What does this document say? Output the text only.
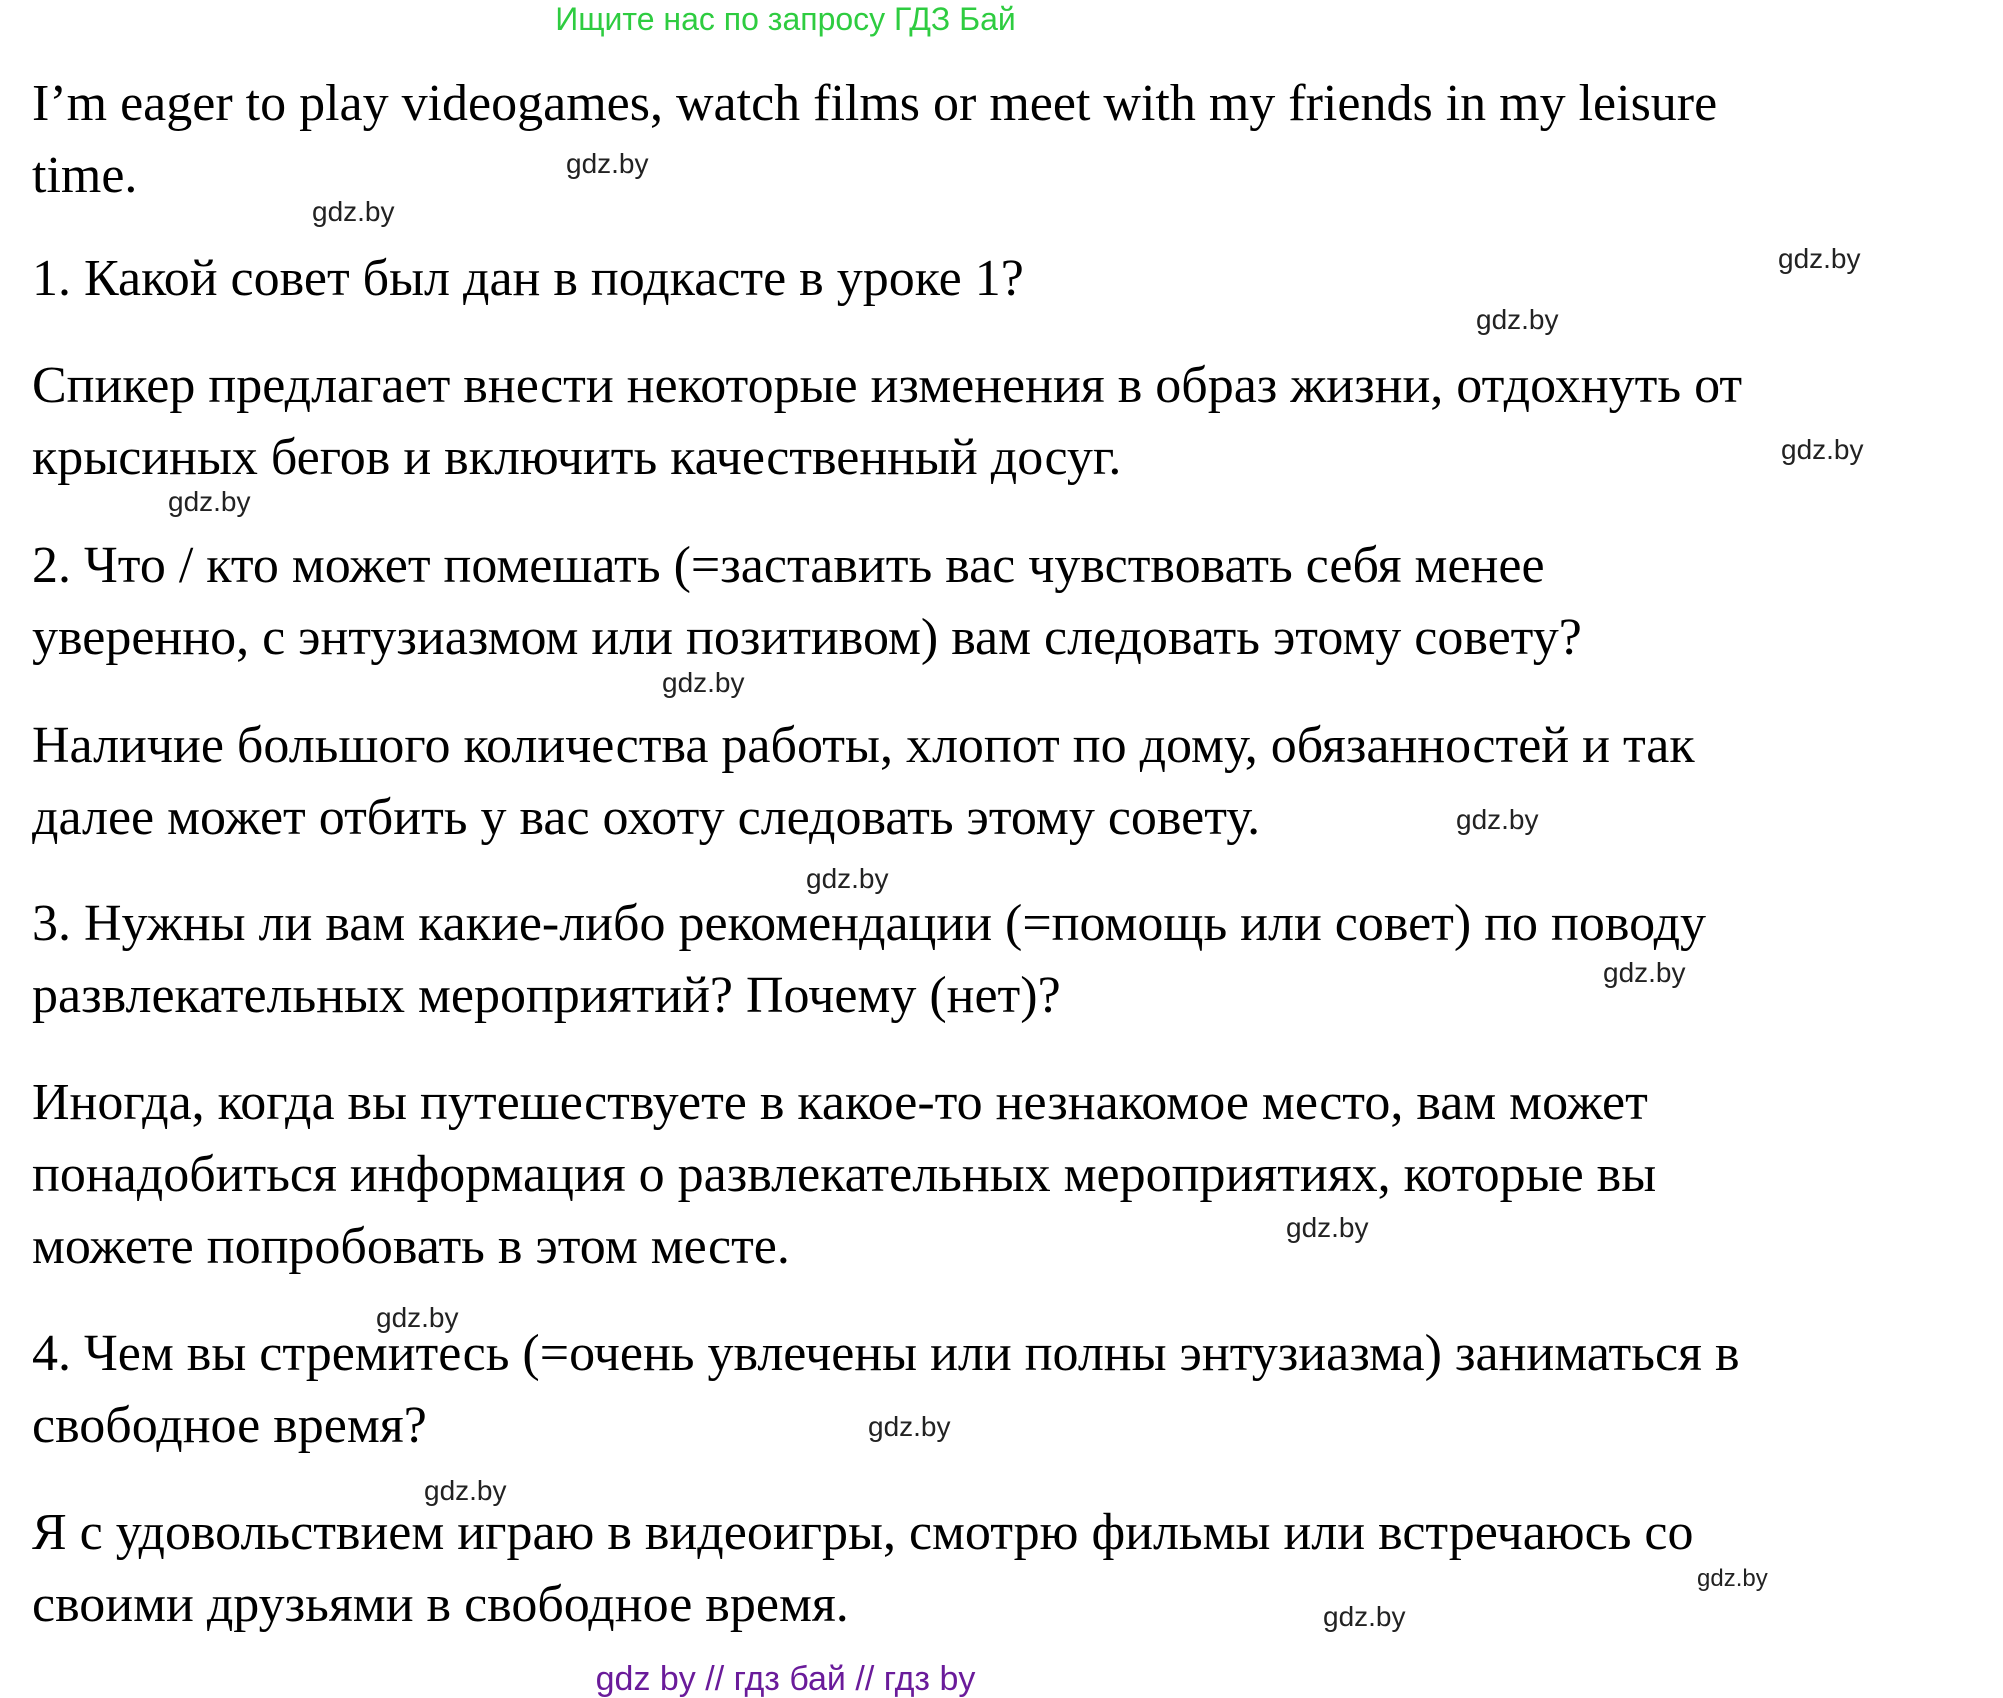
Ищите нас по запросу ГДЗ Бай

I’m eager to play videogames, watch films or meet with my friends in my leisure
time.

1. Какой совет был дан в подкасте в уроке 1?

Спикер предлагает внести некоторые изменения в образ жизни, отдохнуть от
крысиных бегов и включить качественный досуг.

2. Что / кто может помешать (=заставить вас чувствовать себя менее
уверенно, с энтузиазмом или позитивом) вам следовать этому совету?

Наличие большого количества работы, хлопот по дому, обязанностей и так
далее может отбить у вас охоту следовать этому совету.

3. Нужны ли вам какие-либо рекомендации (=помощь или совет) по поводу
развлекательных мероприятий? Почему (нет)?

Иногда, когда вы путешествуете в какое-то незнакомое место, вам может
понадобиться информация о развлекательных мероприятиях, которые вы
можете попробовать в этом месте.

4. Чем вы стремитесь (=очень увлечены или полны энтузиазма) заниматься в
свободное время?

Я с удовольствием играю в видеоигры, смотрю фильмы или встречаюсь со
своими друзьями в свободное время.

gdz.by
gdz.by
gdz.by
gdz.by
gdz.by
gdz.by
gdz.by
gdz.by
gdz.by
gdz.by
gdz.by
gdz.by
gdz.by
gdz.by
gdz.by
gdz.by
gdz by // гдз бай // гдз by
